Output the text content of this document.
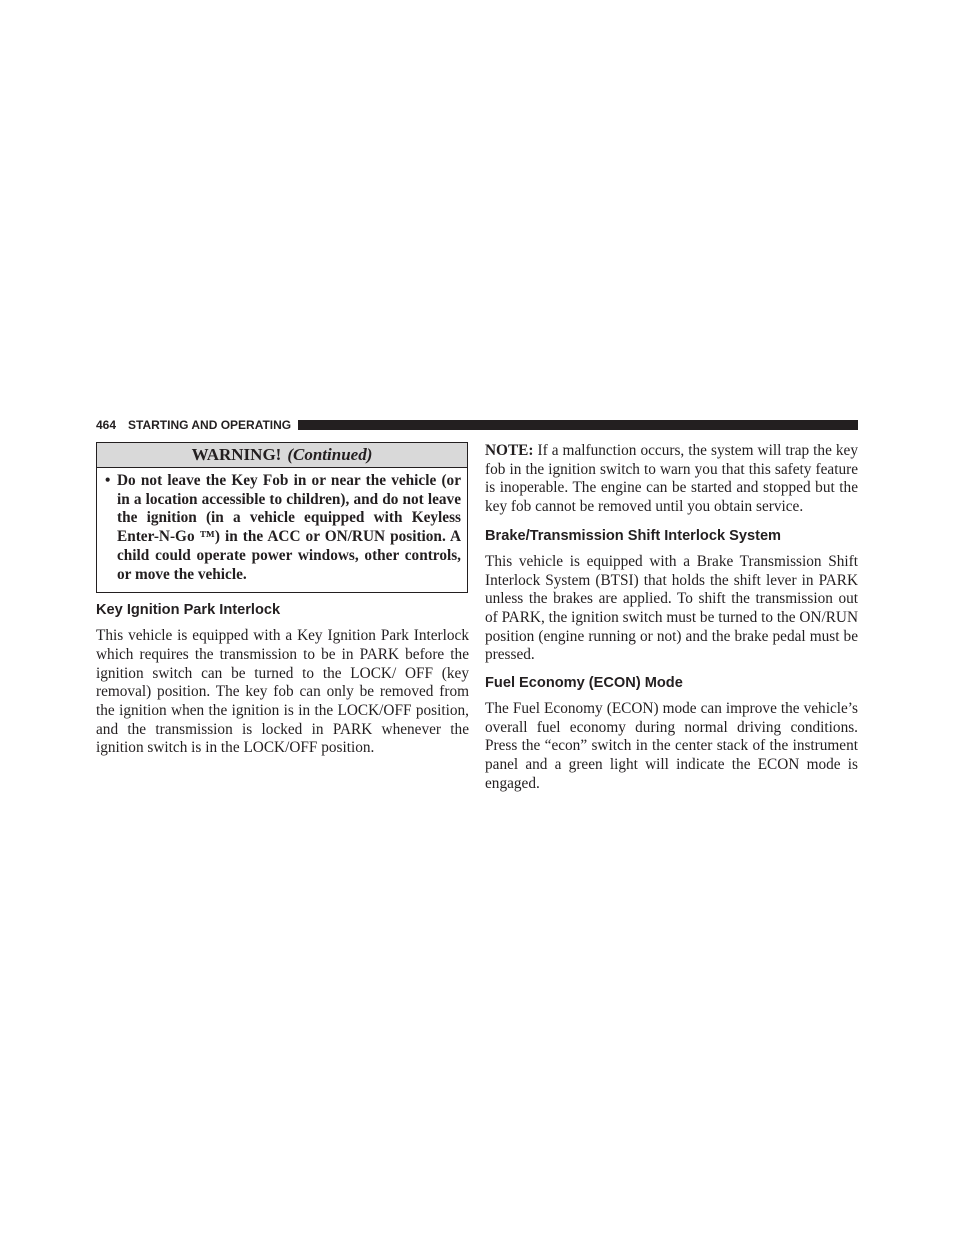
464 STARTING AND OPERATING
WARNING! (Continued)
• Do not leave the Key Fob in or near the vehicle (or in a location accessible to children), and do not leave the ignition (in a vehicle equipped with Keyless Enter-N-Go ™) in the ACC or ON/RUN position. A child could operate power windows, other controls, or move the vehicle.
Key Ignition Park Interlock

This vehicle is equipped with a Key Ignition Park Interlock which requires the transmission to be in PARK before the ignition switch can be turned to the LOCK/ OFF (key removal) position. The key fob can only be removed from the ignition when the ignition is in the LOCK/OFF position, and the transmission is locked in PARK whenever the ignition switch is in the LOCK/OFF position.

NOTE: If a malfunction occurs, the system will trap the key fob in the ignition switch to warn you that this safety feature is inoperable. The engine can be started and stopped but the key fob cannot be removed until you obtain service.

Brake/Transmission Shift Interlock System

This vehicle is equipped with a Brake Transmission Shift Interlock System (BTSI) that holds the shift lever in PARK unless the brakes are applied. To shift the transmission out of PARK, the ignition switch must be turned to the ON/RUN position (engine running or not) and the brake pedal must be pressed.

Fuel Economy (ECON) Mode

The Fuel Economy (ECON) mode can improve the vehicle’s overall fuel economy during normal driving conditions. Press the “econ” switch in the center stack of the instrument panel and a green light will indicate the ECON mode is engaged.
